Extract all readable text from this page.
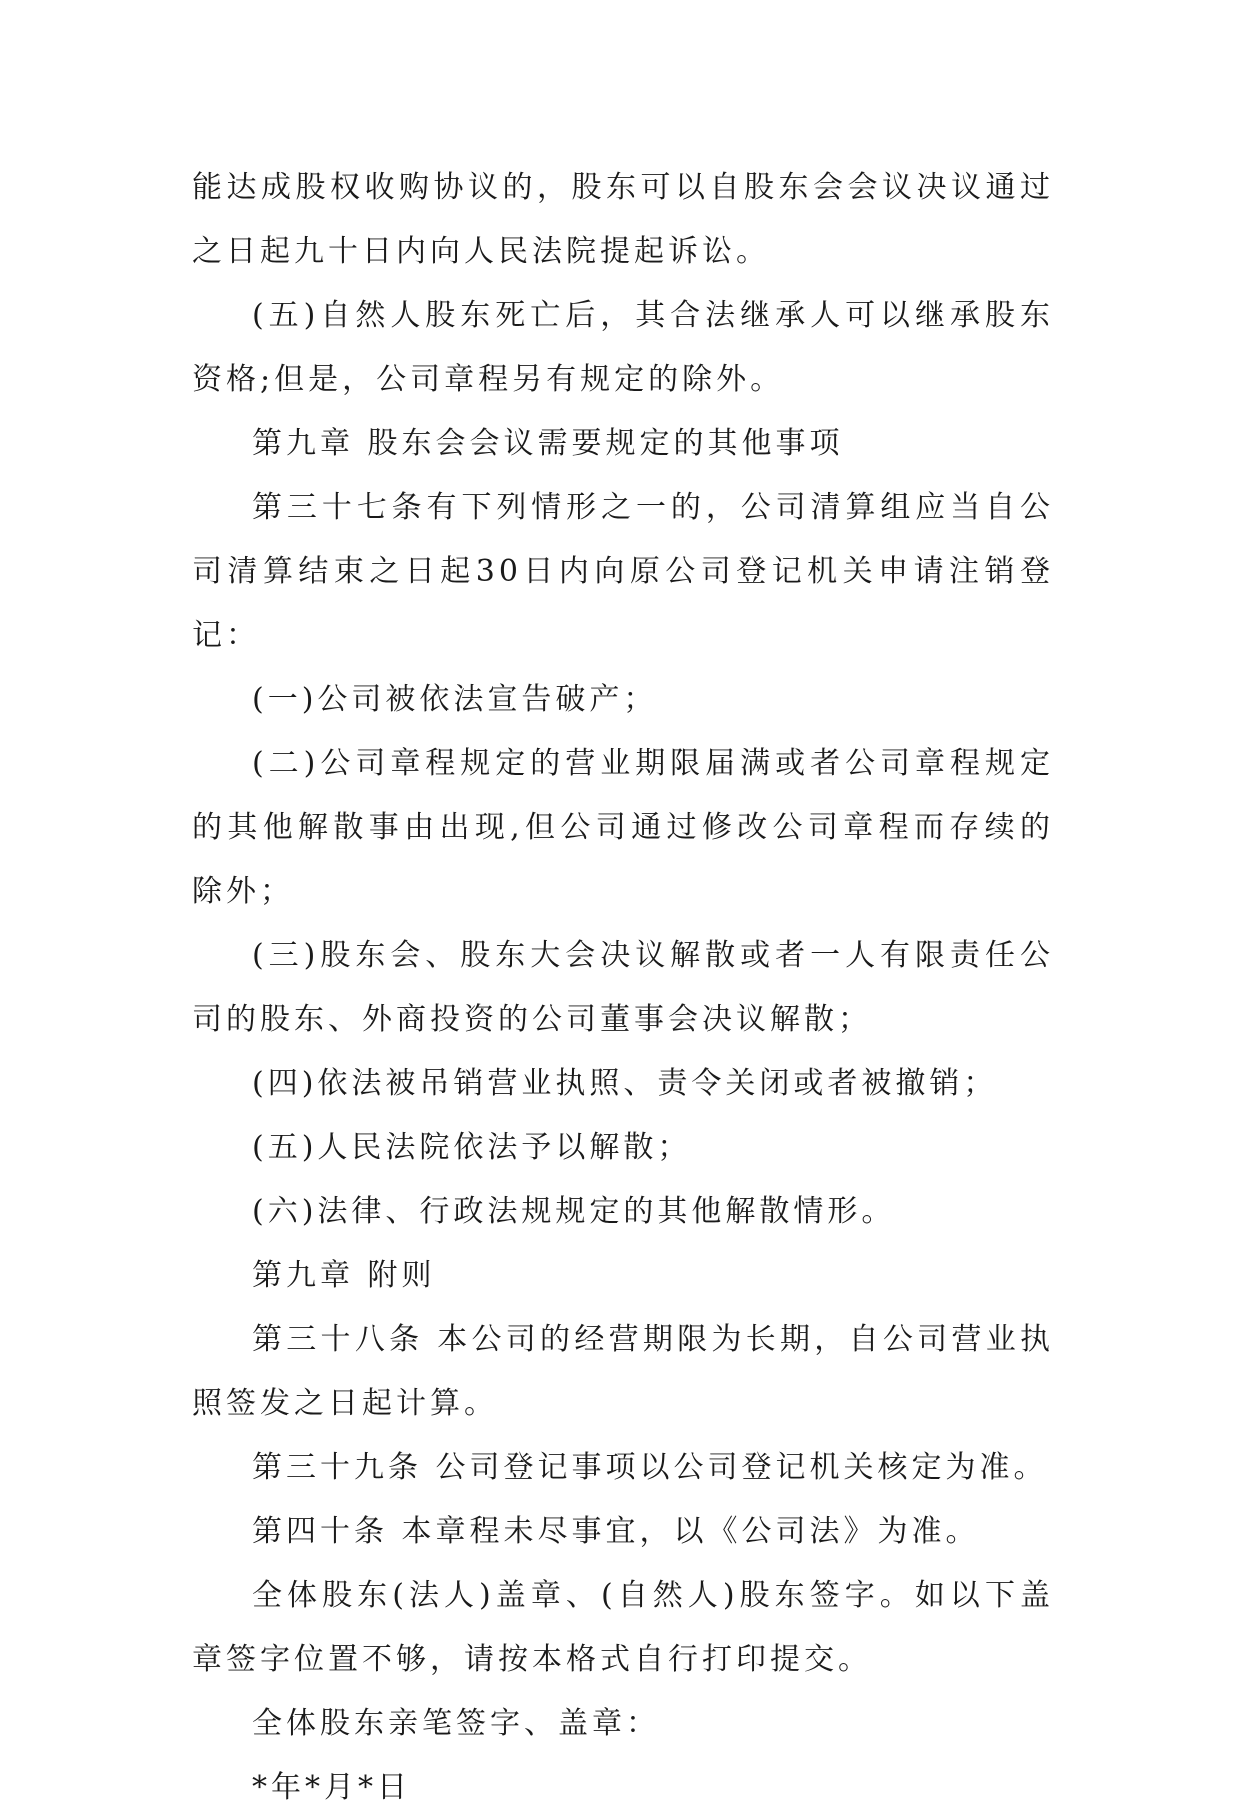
能达成股权收购协议的，股东可以自股东会会议决议通过之日起九十日内向人民法院提起诉讼。

(五)自然人股东死亡后，其合法继承人可以继承股东资格;但是，公司章程另有规定的除外。

第九章 股东会会议需要规定的其他事项

第三十七条有下列情形之一的，公司清算组应当自公司清算结束之日起30日内向原公司登记机关申请注销登记：

(一)公司被依法宣告破产；

(二)公司章程规定的营业期限届满或者公司章程规定的其他解散事由出现,但公司通过修改公司章程而存续的除外；

(三)股东会、股东大会决议解散或者一人有限责任公司的股东、外商投资的公司董事会决议解散；

(四)依法被吊销营业执照、责令关闭或者被撤销；

(五)人民法院依法予以解散；

(六)法律、行政法规规定的其他解散情形。

第九章 附则

第三十八条 本公司的经营期限为长期，自公司营业执照签发之日起计算。

第三十九条 公司登记事项以公司登记机关核定为准。

第四十条 本章程未尽事宜，以《公司法》为准。

全体股东(法人)盖章、(自然人)股东签字。如以下盖章签字位置不够，请按本格式自行打印提交。

全体股东亲笔签字、盖章：

*年*月*日
